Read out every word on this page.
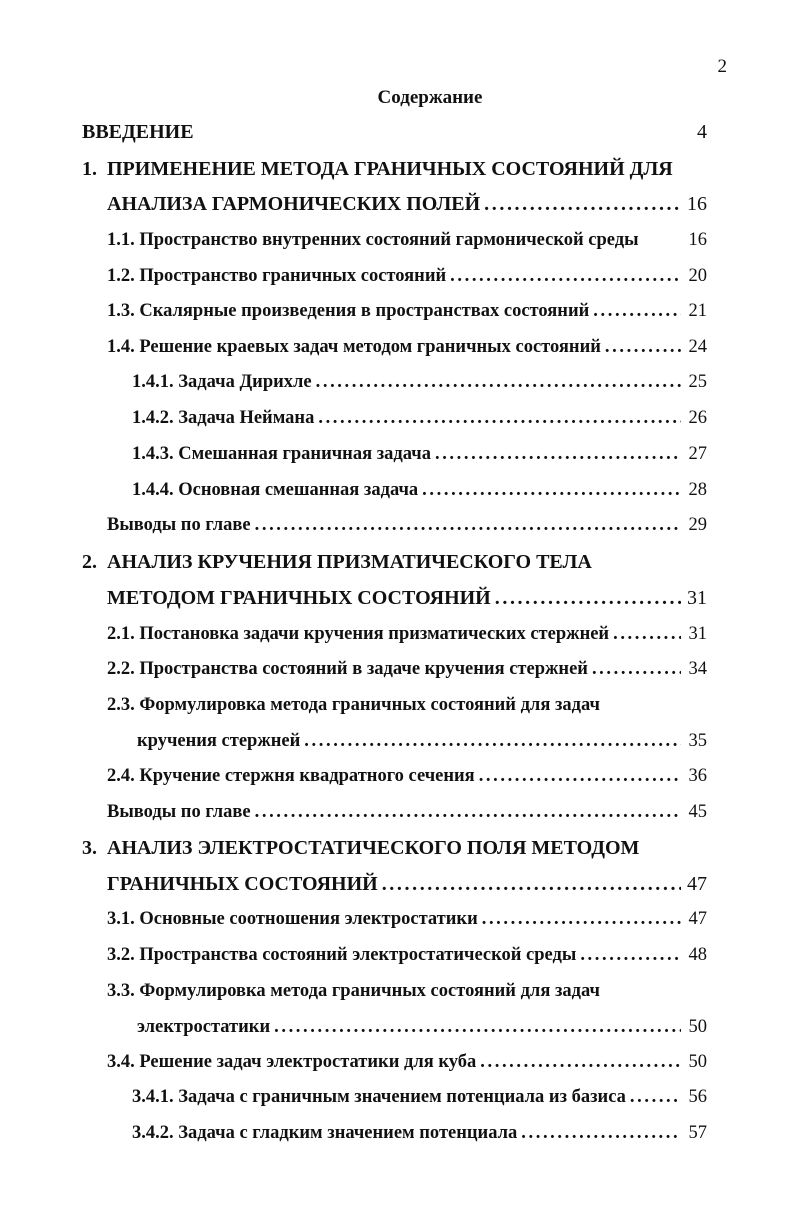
2
Содержание
ВВЕДЕНИЕ	4
1. ПРИМЕНЕНИЕ МЕТОДА ГРАНИЧНЫХ СОСТОЯНИЙ ДЛЯ
АНАЛИЗА ГАРМОНИЧЕСКИХ ПОЛЕЙ .....	16
1.1. Пространство внутренних состояний гармонической среды	16
1.2. Пространство граничных состояний .....	20
1.3. Скалярные произведения в пространствах состояний .....	21
1.4. Решение краевых задач методом граничных состояний .....	24
1.4.1. Задача Дирихле .....	25
1.4.2. Задача Неймана .....	26
1.4.3. Смешанная граничная задача .....	27
1.4.4. Основная смешанная задача .....	28
Выводы по главе .....	29
2. АНАЛИЗ КРУЧЕНИЯ ПРИЗМАТИЧЕСКОГО ТЕЛА
МЕТОДОМ ГРАНИЧНЫХ СОСТОЯНИЙ .....	31
2.1. Постановка задачи кручения призматических стержней .....	31
2.2. Пространства состояний в задаче кручения стержней .....	34
2.3. Формулировка метода граничных состояний для задач
кручения стержней .....	35
2.4. Кручение стержня квадратного сечения .....	36
Выводы по главе .....	45
3. АНАЛИЗ ЭЛЕКТРОСТАТИЧЕСКОГО ПОЛЯ МЕТОДОМ
ГРАНИЧНЫХ СОСТОЯНИЙ .....	47
3.1. Основные соотношения электростатики .....	47
3.2. Пространства состояний электростатической среды .....	48
3.3. Формулировка метода граничных состояний для задач
электростатики .....	50
3.4. Решение задач электростатики для куба .....	50
3.4.1. Задача с граничным значением потенциала из базиса .....	56
3.4.2. Задача с гладким значением потенциала .....	57
